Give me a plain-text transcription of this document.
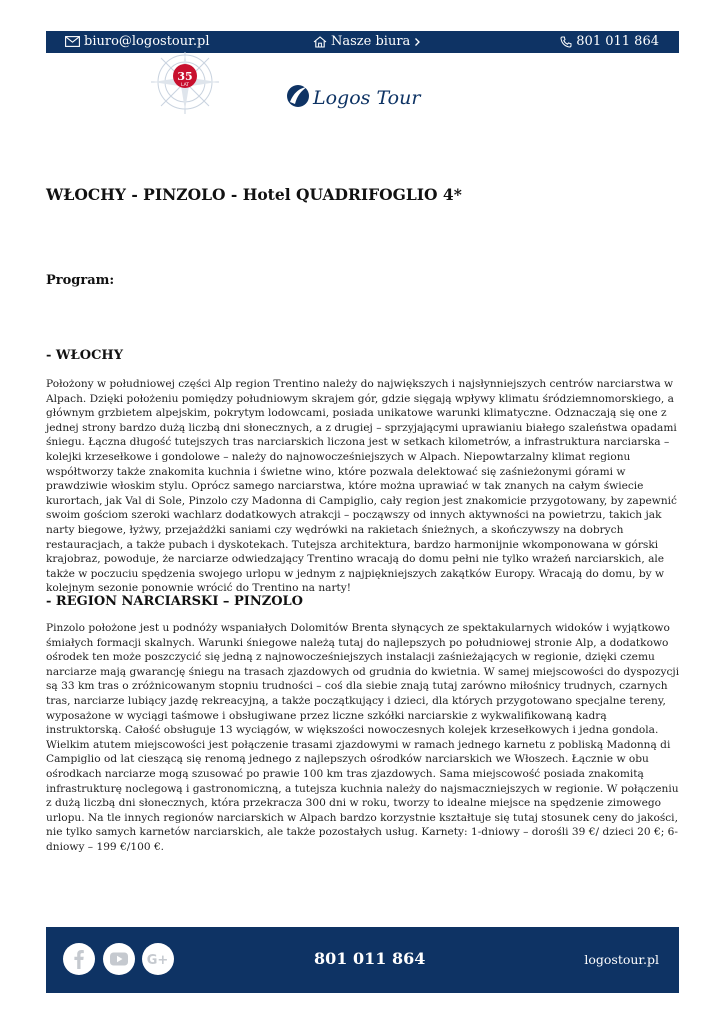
biuro@logostour.pl	Nasze biura	801 011 864
35
LAT
Logos Tour
WŁOCHY - PINZOLO - Hotel QUADRIFOGLIO 4*
Program:
- WŁOCHY

Położony w południowej części Alp region Trentino należy do największych i najsłynniejszych centrów narciarstwa w Alpach. Dzięki położeniu pomiędzy południowym skrajem gór, gdzie sięgają wpływy klimatu śródziemnomorskiego, a głównym grzbietem alpejskim, pokrytym lodowcami, posiada unikatowe warunki klimatyczne. Odznaczają się one z jednej strony bardzo dużą liczbą dni słonecznych, a z drugiej – sprzyjającymi uprawianiu białego szaleństwa opadami śniegu. Łączna długość tutejszych tras narciarskich liczona jest w setkach kilometrów, a infrastruktura narciarska – kolejki krzesełkowe i gondolowe – należy do najnowocześniejszych w Alpach. Niepowtarzalny klimat regionu współtworzy także znakomita kuchnia i świetne wino, które pozwala delektować się zaśnieżonymi górami w prawdziwie włoskim stylu. Oprócz samego narciarstwa, które można uprawiać w tak znanych na całym świecie kurortach, jak Val di Sole, Pinzolo czy Madonna di Campiglio, cały region jest znakomicie przygotowany, by zapewnić swoim gościom szeroki wachlarz dodatkowych atrakcji – począwszy od innych aktywności na powietrzu, takich jak narty biegowe, łyżwy, przejażdżki saniami czy wędrówki na rakietach śnieżnych, a skończywszy na dobrych restauracjach, a także pubach i dyskotekach. Tutejsza architektura, bardzo harmonijnie wkomponowana w górski krajobraz, powoduje, że narciarze odwiedzający Trentino wracają do domu pełni nie tylko wrażeń narciarskich, ale także w poczuciu spędzenia swojego urlopu w jednym z najpiękniejszych zakątków Europy. Wracają do domu, by w kolejnym sezonie ponownie wrócić do Trentino na narty!

- REGION NARCIARSKI – PINZOLO

Pinzolo położone jest u podnóży wspaniałych Dolomitów Brenta słynących ze spektakularnych widoków i wyjątkowo śmiałych formacji skalnych. Warunki śniegowe należą tutaj do najlepszych po południowej stronie Alp, a dodatkowo ośrodek ten może poszczycić się jedną z najnowocześniejszych instalacji zaśnieżających w regionie, dzięki czemu narciarze mają gwarancję śniegu na trasach zjazdowych od grudnia do kwietnia. W samej miejscowości do dyspozycji są 33 km tras o zróżnicowanym stopniu trudności – coś dla siebie znają tutaj zarówno miłośnicy trudnych, czarnych tras, narciarze lubiący jazdę rekreacyjną, a także początkujący i dzieci, dla których przygotowano specjalne tereny, wyposażone w wyciągi taśmowe i obsługiwane przez liczne szkółki narciarskie z wykwalifikowaną kadrą instruktorską. Całość obsługuje 13 wyciągów, w większości nowoczesnych kolejek krzesełkowych i jedna gondola. Wielkim atutem miejscowości jest połączenie trasami zjazdowymi w ramach jednego karnetu z pobliską Madonną di Campiglio od lat cieszącą się renomą jednego z najlepszych ośrodków narciarskich we Włoszech. Łącznie w obu ośrodkach narciarze mogą szusować po prawie 100 km tras zjazdowych. Sama miejscowość posiada znakomitą infrastrukturę noclegową i gastronomiczną, a tutejsza kuchnia należy do najsmaczniejszych w regionie. W połączeniu z dużą liczbą dni słonecznych, która przekracza 300 dni w roku, tworzy to idealne miejsce na spędzenie zimowego urlopu. Na tle innych regionów narciarskich w Alpach bardzo korzystnie kształtuje się tutaj stosunek ceny do jakości, nie tylko samych karnetów narciarskich, ale także pozostałych usług. Karnety: 1-dniowy – dorośli 39 €/ dzieci 20 €; 6-dniowy – 199 €/100 €.

G+	801 011 864	logostour.pl
